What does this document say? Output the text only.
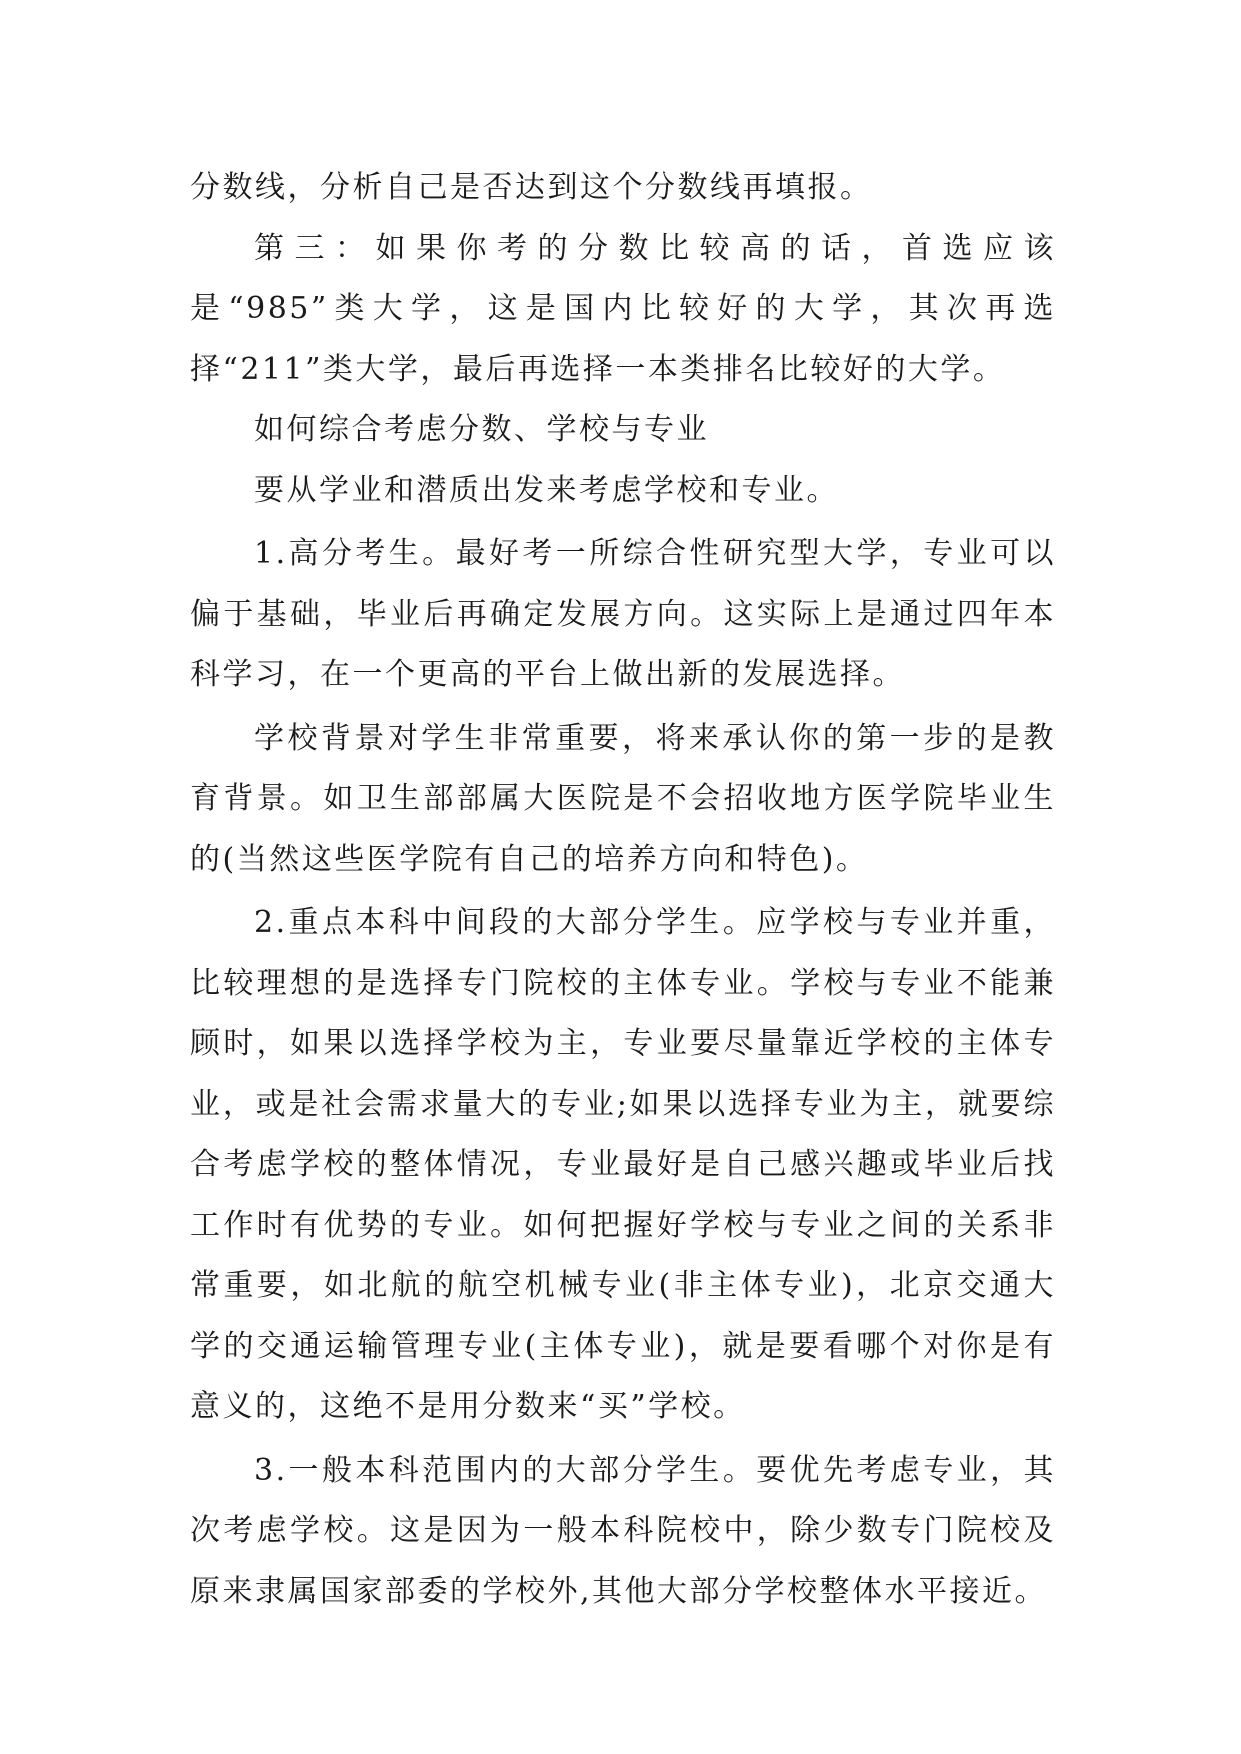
分数线，分析自己是否达到这个分数线再填报。

第三：如果你考的分数比较高的话，首选应该是“985”类大学，这是国内比较好的大学，其次再选择“211”类大学，最后再选择一本类排名比较好的大学。

如何综合考虑分数、学校与专业

要从学业和潜质出发来考虑学校和专业。

1.高分考生。最好考一所综合性研究型大学，专业可以偏于基础，毕业后再确定发展方向。这实际上是通过四年本科学习，在一个更高的平台上做出新的发展选择。

学校背景对学生非常重要，将来承认你的第一步的是教育背景。如卫生部部属大医院是不会招收地方医学院毕业生的(当然这些医学院有自己的培养方向和特色)。

2.重点本科中间段的大部分学生。应学校与专业并重，比较理想的是选择专门院校的主体专业。学校与专业不能兼顾时，如果以选择学校为主，专业要尽量靠近学校的主体专业，或是社会需求量大的专业;如果以选择专业为主，就要综合考虑学校的整体情况，专业最好是自己感兴趣或毕业后找工作时有优势的专业。如何把握好学校与专业之间的关系非常重要，如北航的航空机械专业(非主体专业)，北京交通大学的交通运输管理专业(主体专业)，就是要看哪个对你是有意义的，这绝不是用分数来“买”学校。

3.一般本科范围内的大部分学生。要优先考虑专业，其次考虑学校。这是因为一般本科院校中，除少数专门院校及原来隶属国家部委的学校外,其他大部分学校整体水平接近。
